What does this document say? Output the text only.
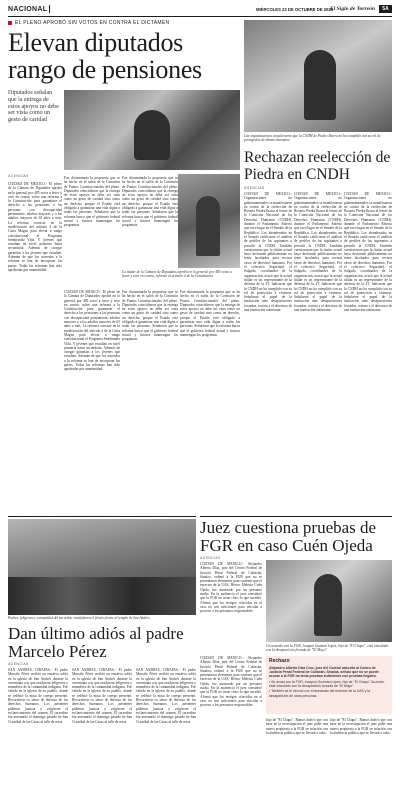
NACIONAL	MIÉRCOLES 23 DE OCTUBRE DE 2024
El Siglo de Torreón	5A
EL PLENO APROBÓ SIN VOTOS EN CONTRA EL DICTAMEN
Elevan diputados rango de pensiones
Diputados señalan que la entrega de estos apoyos no debe ser vista como un gesto de caridad
AGENCIAS
CIUDAD DE MÉXICO.- El pleno de la Cámara de Diputados aprobó en lo general, por 485 votos a favor y cero en contra, sobre una reforma a la Constitución para garantizar el derecho a las pensiones a las personas con discapacidad permanente, adultos mayores y a los adultos mayores de 65 años o más. La reforma consiste en la modificación del artículo 4 de la Carta Magna para elevar a rango constitucional el Programa Sembrando Vida. Y jóvenes que estudian en nivel primaria hasta secundaria. Además de otorgar garantías a los jóvenes que estudian. Ademán de que los acuerdos a la reforma se han de incorporar las partes. Todas las reformas han sido aprobadas por unanimidad.
Fue dictaminada la propuesta que se ha hecho en el salón de la Comisión de Puntos Constitucionales del pleno. Diputados coincidieron que la entrega de estos apoyos no debe ser vista como un gesto de caridad sino como un derecho, porque el Estado está obligado a garantizar una vida digna a todas las personas. Señalaron que la reforma busca que el gobierno federal actual y futuros mantengan los programas.
Fue dictaminada la propuesta que se ha hecho en el salón de la Comisión de Puntos Constitucionales del pleno. Diputados coincidieron que la entrega de estos apoyos no debe ser vista como un gesto de caridad sino como un derecho, porque el Estado está obligado a garantizar una vida digna a todas las personas. Señalaron que la reforma busca que el gobierno federal actual y futuros mantengan los programas.
La titular de la Cámara de Diputados aprobó en lo general, por 485 votos a favor y cero en contra, reforma al artículo 4 de la Constitución.
CIUDAD DE MÉXICO.- El pleno de la Cámara de Diputados aprobó en lo general, por 485 votos a favor y cero en contra, sobre una reforma a la Constitución para garantizar el derecho a las pensiones a las personas con discapacidad permanente, adultos mayores y a los adultos mayores de 65 años o más. La reforma consiste en la modificación del artículo 4 de la Carta Magna para elevar a rango constitucional el Programa Sembrando Vida. Y jóvenes que estudian en nivel primaria hasta secundaria. Además de otorgar garantías a los jóvenes que estudian. Ademán de que los acuerdos a la reforma se han de incorporar las partes. Todas las reformas han sido aprobadas por unanimidad.
Fue dictaminada la propuesta que se ha hecho en el salón de la Comisión de Puntos Constitucionales del pleno. Diputados coincidieron que la entrega de estos apoyos no debe ser vista como un gesto de caridad sino como un derecho, porque el Estado está obligado a garantizar una vida digna a todas las personas. Señalaron que la reforma busca que el gobierno federal actual y futuros mantengan los programas.
Fue dictaminada la propuesta que se ha hecho en el salón de la Comisión de Puntos Constitucionales del pleno. Diputados coincidieron que la entrega de estos apoyos no debe ser vista como un gesto de caridad sino como un derecho, porque el Estado está obligado a garantizar una vida digna a todas las personas. Señalaron que la reforma busca que el gobierno federal actual y futuros mantengan los programas.
Las organizaciones consideraron que la CNDH de Piedra Ibarra no ha cumplido con su rol de protegerlos de abusos humanos.
Rechazan reelección de Piedra en CNDH
AGENCIAS
CIUDAD DE MÉXICO.- Organizaciones no gubernamentales se manifestaron en contra de la reelección de Rosario Piedra Ibarra al frente de la Comisión Nacional de los Derechos Humanos (CNDH), durante el Parlamento Abierto que tuvo lugar en el Senado de la República. Los abanderados en el Senado ratificaron el análisis de perfiles de los aspirantes a presidir la CNDH. También cuestionaron que la titular actual haya declarado públicamente no tener facultades para revisar casos de derechos humanos. Por el colectivo Seguridad, el Salgado, coordinador de la organización, acusó que la actual titular es un representante de la defensa de la 4T. Indicaron que la CNDH no ha cumplido con su rol de protección a víctimas. Señalaron el papel de la institución ante desapariciones forzadas, tortura y el deterioro de una institución autónoma.
CIUDAD DE MÉXICO.- Organizaciones no gubernamentales se manifestaron en contra de la reelección de Rosario Piedra Ibarra al frente de la Comisión Nacional de los Derechos Humanos (CNDH), durante el Parlamento Abierto que tuvo lugar en el Senado de la República. Los abanderados en el Senado ratificaron el análisis de perfiles de los aspirantes a presidir la CNDH. También cuestionaron que la titular actual haya declarado públicamente no tener facultades para revisar casos de derechos humanos. Por el colectivo Seguridad, el Salgado, coordinador de la organización, acusó que la actual titular es un representante de la defensa de la 4T. Indicaron que la CNDH no ha cumplido con su rol de protección a víctimas. Señalaron el papel de la institución ante desapariciones forzadas, tortura y el deterioro de una institución autónoma.
CIUDAD DE MÉXICO.- Organizaciones no gubernamentales se manifestaron en contra de la reelección de Rosario Piedra Ibarra al frente de la Comisión Nacional de los Derechos Humanos (CNDH), durante el Parlamento Abierto que tuvo lugar en el Senado de la República. Los abanderados en el Senado ratificaron el análisis de perfiles de los aspirantes a presidir la CNDH. También cuestionaron que la titular actual haya declarado públicamente no tener facultades para revisar casos de derechos humanos. Por el colectivo Seguridad, el Salgado, coordinador de la organización, acusó que la actual titular es un representante de la defensa de la 4T. Indicaron que la CNDH no ha cumplido con su rol de protección a víctimas. Señalaron el papel de la institución ante desapariciones forzadas, tortura y el deterioro de una institución autónoma.
Padres, feligreses y comunidad del sacerdote trasladaron el féretro frente al templo de San Andrés.
Dan último adiós al padre Marcelo Pérez
AGENCIAS
SAN ANDRÉS, CHIAPAS.- El padre Marcelo Pérez recibió un emotivo adiós en la iglesia de San Andrés durante la ceremonia a la que acudieron feligreses y miembros de la comunidad indígena. Fue velado en la iglesia de su pueblo, donde se celebró la misa de cuerpo presente. Recordaron su labor de defensa de los derechos humanos. Los asistentes pidieron justicia y exigieron el esclarecimiento del crimen. El sacerdote fue asesinado el domingo pasado en San Cristóbal de las Casas al salir de misa.
SAN ANDRÉS, CHIAPAS.- El padre Marcelo Pérez recibió un emotivo adiós en la iglesia de San Andrés durante la ceremonia a la que acudieron feligreses y miembros de la comunidad indígena. Fue velado en la iglesia de su pueblo, donde se celebró la misa de cuerpo presente. Recordaron su labor de defensa de los derechos humanos. Los asistentes pidieron justicia y exigieron el esclarecimiento del crimen. El sacerdote fue asesinado el domingo pasado en San Cristóbal de las Casas al salir de misa.
SAN ANDRÉS, CHIAPAS.- El padre Marcelo Pérez recibió un emotivo adiós en la iglesia de San Andrés durante la ceremonia a la que acudieron feligreses y miembros de la comunidad indígena. Fue velado en la iglesia de su pueblo, donde se celebró la misa de cuerpo presente. Recordaron su labor de defensa de los derechos humanos. Los asistentes pidieron justicia y exigieron el esclarecimiento del crimen. El sacerdote fue asesinado el domingo pasado en San Cristóbal de las Casas al salir de misa.
Juez cuestiona pruebas de FGR en caso Cuén Ojeda
AGENCIAS
CIUDAD DE MÉXICO.- Alejandro Alberto Díaz, juez del Centro Federal de Justicia Penal Federal de Culiacán, Sinaloa, ordenó a la FGR que no se presentaron elementos para sostener que el exrector de la UAS, Héctor Melesio Cuén Ojeda, fue asesinado por un presunto asalto. En la audiencia el juez consideró que la FGR no tiene claro lo que sucedió. Afirmó que los testigos ofrecidos en el caso no son suficientes para vincular a proceso a los presuntos responsables.
Un acuerdo con la FGR, Joaquín Guzmán López, hijo de "El Chapo", está vinculado con la desaparición forzada de "El Mayo".
Rechazo
Alejandro Alberto Díaz Cruz, juez del Control adscrito al Centro de Justicia Penal Federal de Culiacán, Sinaloa, señaló que no se puede acusar a la FGR no tenía pruebas suficientes con pruebas ilegales.
• Se acusó por la FGR, Joaquín Guzmán López, hijo de "El Chapo" Guzmán, está vinculado con la desaparición forzada de "El Mayo".
• También se le vinculó con el asesinato del exrector de la UAS y la desaparición de otras personas.
CIUDAD DE MÉXICO.- Alejandro Alberto Díaz, juez del Centro Federal de Justicia Penal Federal de Culiacán, Sinaloa, ordenó a la FGR que no se presentaron elementos para sostener que el exrector de la UAS, Héctor Melesio Cuén Ojeda, fue asesinado por un presunto asalto. En la audiencia el juez consideró que la FGR no tiene claro lo que sucedió. Afirmó que los testigos ofrecidos en el caso no son suficientes para vincular a proceso a los presuntos responsables.
hijo de "El Chapo". Ramos indicó que con base en la investigación el juez pidió una nueva propuesta a la FGR en relación con la audiencia pública que se llevará a cabo.
hijo de "El Chapo". Ramos indicó que con base en la investigación el juez pidió una nueva propuesta a la FGR en relación con la audiencia pública que se llevará a cabo.
